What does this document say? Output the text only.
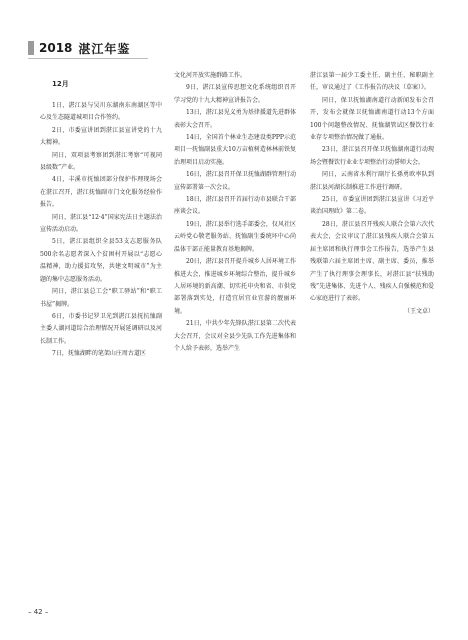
2018 湛江年鉴
12月

1日，湛江县与吴川东湖南东南湖区等中心及生态隧道城项目合作签约。

2日，市委宣讲团到湛江县宣讲党的十九大精神。

同日，双项县考察团到湛江考察“可视同县级数”产业。

4日，丰溪市抚恤团部分保护作理现场会在湛江召开，湛江抚恤副市门文化服务经验作报告。

同日，湛江县“12·4”国家宪法日主题法治宣传活动启动。

5日，湛江县组织全县53支志愿服务队500余名志愿者深入个贫困村开展以“志愿心温精神，助力援贫攻坚，共建文明城市”为主题的集中志愿服务活动。

同日，湛江县总工会“职工驿站”和“职工书屋”揭牌。

6日，市委书记罗卫光到湛江县抚抗恤副主委人湖河道综合治理情况开展延调研以及河长制工作。

7日，抚恤湖畔的笔架山庄周古道区

文化河开放实施群路工作。

9日，湛江县宣传思想文化系统组织召开学习党的十九大精神宣讲报告会。

13日，湛江县见义勇为基律援道先进群体表彰大会召开。

14日，全国首个林业生态建设类PPP示范项目一抚恤副县重大10万亩植树造林林前铁复治理项目启动实施。

16日，湛江县召开保卫抚恤湖群管理行动宣传部署第一次会议。

18日，湛江县召开首届行动市县联合干部座谈会议。

19日，湛江县举行选手部委会，仅风社区云岭党心敬老服务站、抚恤副生委统坏中心尚温体干部正能量教育基地揭牌。

20日，湛江县召开提升城乡人居环境工作推进大会，推进城乡环境综合整治，提升城乡人居环境的新高潮、切实托申央和省、市供党部署落到实处，打造宜居宜业宜游的靓丽环境。

21日，中共少年先锋队湛江县第二次代表大会召开，会议对全县少先队工作先进集体和个人给予表彰，选举产生

湛江县第一届少工委主任、副主任、秘职副主任，审议通过了《工作报告的决议（草案）》。

同日，保卫抚恤湖南道行动新闻发布会召开，发布会就保卫抚恤湖南道行动13个方面100个问题整改情况、抚恤湖管试区餐饮行业业存专项整治情况做了通报。

23日，湛江县召开保卫抚恤湖南道行动现场会暨餐饮行业业专项整治行动誓师大会。

同日，云南省水利厅副厅长孫勇欧率队到湛江县河湖长制推进工作进行调研。

25日，市委宣讲团到湛江县宣讲《习近平谈治国理政》第二卷。

28日，湛江县召开残疾人联合会第六次代表大会，会议审议了湛江县残疾人联合会第五届主席团和执行理事会工作报告，选举产生县残联第六届主席团主席、副主席、委员，推举产生了执行理事会理事长，对湛江县“扶残助残”先进集体、先进个人、残疾人自强模范和爱心家庭进行了表彰。

（王文卓）

– 42 –
